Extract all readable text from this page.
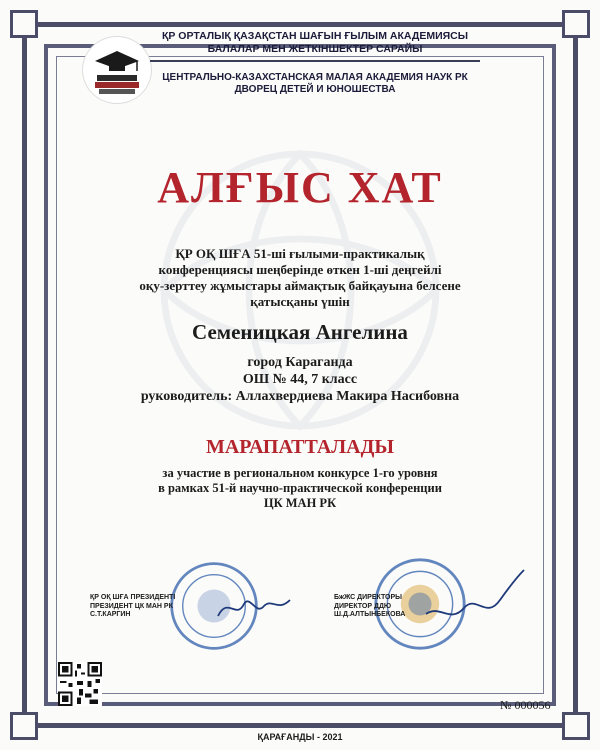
ҚР ОРТАЛЫҚ ҚАЗАҚСТАН ШАҒЫН ҒЫЛЫМ АКАДЕМИЯСЫ
БАЛАЛАР МЕН ЖЕТКІНШЕКТЕР САРАЙЫ
ЦЕНТРАЛЬНО-КАЗАХСТАНСКАЯ МАЛАЯ АКАДЕМИЯ НАУК РК
ДВОРЕЦ ДЕТЕЙ И ЮНОШЕСТВА
АЛҒЫС ХАТ
ҚР ОҚ ШҒА 51-ші ғылыми-практикалық
конференциясы шеңберінде өткен 1-ші деңгейлі
оқу-зерттеу жұмыстары аймақтық байқауына белсене
қатысқаны үшін
Семеницкая Ангелина
город Караганда
ОШ № 44, 7 класс
руководитель: Аллахвердиева Макира Насибовна
МАРАПАТТАЛАДЫ
за участие в региональном конкурсе 1-го уровня
в рамках 51-й научно-практической конференции
ЦК МАН РК
ҚР ОҚ ШҒА ПРЕЗИДЕНТІ
ПРЕЗИДЕНТ ЦК МАН РК
С.Т.КАРГИН
БжЖС ДИРЕКТОРЫ
ДИРЕКТОР ДДЮ
Ш.Д.АЛТЫНБЕКОВА
№ 000056
ҚАРАҒАНДЫ - 2021
